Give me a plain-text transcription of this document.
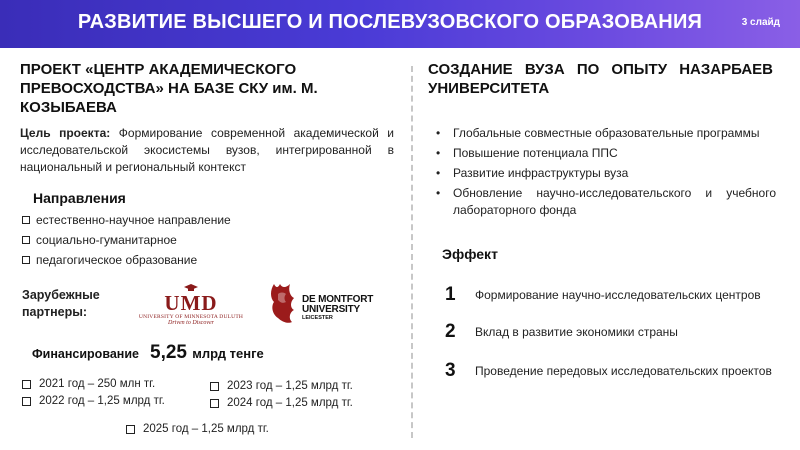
РАЗВИТИЕ ВЫСШЕГО И ПОСЛЕВУЗОВСКОГО ОБРАЗОВАНИЯ	3 слайд
ПРОЕКТ «ЦЕНТР АКАДЕМИЧЕСКОГО ПРЕВОСХОДСТВА» НА БАЗЕ СКУ им. М. КОЗЫБАЕВА
Цель проекта: Формирование современной академической и исследовательской экосистемы вузов, интегрированной в национальный и региональный контекст
Направления
естественно-научное направление
социально-гуманитарное
педагогическое образование
Зарубежные партнеры:	UMD
UNIVERSITY OF MINNESOTA DULUTH
Driven to Discover
DE MONTFORT
UNIVERSITY
LEICESTER
Финансирование 5,25 млрд тенге
2021 год – 250 млн тг.
2022 год – 1,25 млрд тг.
2023 год – 1,25 млрд тг.
2024 год – 1,25 млрд тг.
2025 год – 1,25 млрд тг.
СОЗДАНИЕ ВУЗА ПО ОПЫТУ НАЗАРБАЕВ
УНИВЕРСИТЕТА
• Глобальные совместные образовательные программы
• Повышение потенциала ППС
• Развитие инфраструктуры вуза
• Обновление научно-исследовательского и учебного лабораторного фонда
Эффект
1	Формирование научно-исследовательских центров
2	Вклад в развитие экономики страны
3	Проведение передовых исследовательских проектов
